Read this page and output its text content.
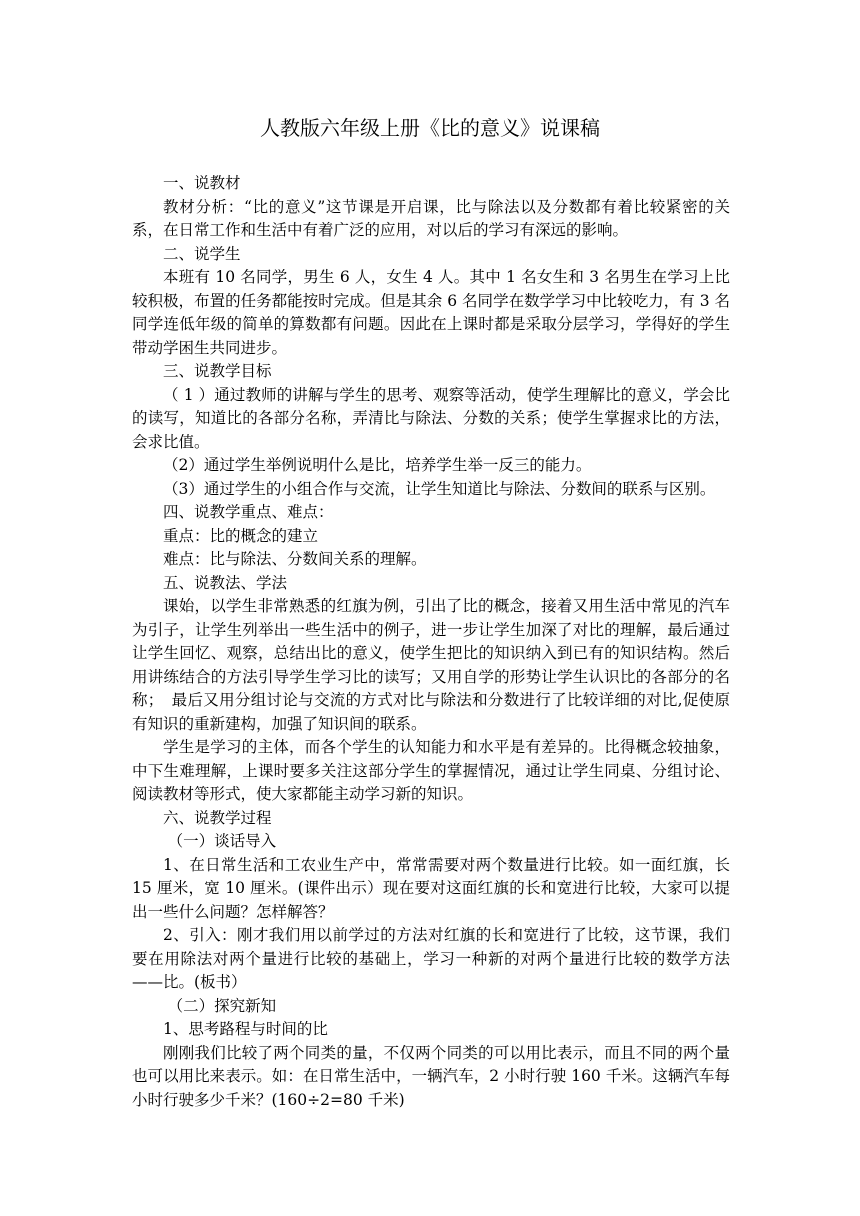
人教版六年级上册《比的意义》说课稿

一、说教材

教材分析：“比的意义”这节课是开启课，比与除法以及分数都有着比较紧密的关系，在日常工作和生活中有着广泛的应用，对以后的学习有深远的影响。

二、说学生

本班有 10 名同学，男生 6 人，女生 4 人。其中 1 名女生和 3 名男生在学习上比较积极，布置的任务都能按时完成。但是其余 6 名同学在数学学习中比较吃力，有 3 名同学连低年级的简单的算数都有问题。因此在上课时都是采取分层学习，学得好的学生带动学困生共同进步。

三、说教学目标

（ 1 ）通过教师的讲解与学生的思考、观察等活动，使学生理解比的意义，学会比的读写，知道比的各部分名称，弄清比与除法、分数的关系；使学生掌握求比的方法，会求比值。

（2）通过学生举例说明什么是比，培养学生举一反三的能力。

（3）通过学生的小组合作与交流，让学生知道比与除法、分数间的联系与区别。

四、说教学重点、难点：

重点：比的概念的建立

难点：比与除法、分数间关系的理解。

五、说教法、学法

课始，以学生非常熟悉的红旗为例，引出了比的概念，接着又用生活中常见的汽车为引子，让学生列举出一些生活中的例子，进一步让学生加深了对比的理解，最后通过让学生回忆、观察，总结出比的意义，使学生把比的知识纳入到已有的知识结构。然后用讲练结合的方法引导学生学习比的读写；又用自学的形势让学生认识比的各部分的名称；　最后又用分组讨论与交流的方式对比与除法和分数进行了比较详细的对比,促使原有知识的重新建构，加强了知识间的联系。

学生是学习的主体，而各个学生的认知能力和水平是有差异的。比得概念较抽象，中下生难理解，上课时要多关注这部分学生的掌握情况，通过让学生同桌、分组讨论、阅读教材等形式，使大家都能主动学习新的知识。

六、说教学过程

（一）谈话导入

1、在日常生活和工农业生产中，常常需要对两个数量进行比较。如一面红旗，长 15 厘米，宽 10 厘米。(课件出示）现在要对这面红旗的长和宽进行比较，大家可以提出一些什么问题？怎样解答？

2、引入：刚才我们用以前学过的方法对红旗的长和宽进行了比较，这节课，我们要在用除法对两个量进行比较的基础上，学习一种新的对两个量进行比较的数学方法——比。(板书）

（二）探究新知

1、思考路程与时间的比

刚刚我们比较了两个同类的量，不仅两个同类的可以用比表示，而且不同的两个量也可以用比来表示。如：在日常生活中，一辆汽车，2 小时行驶 160 千米。这辆汽车每小时行驶多少千米？(160÷2=80 千米)
